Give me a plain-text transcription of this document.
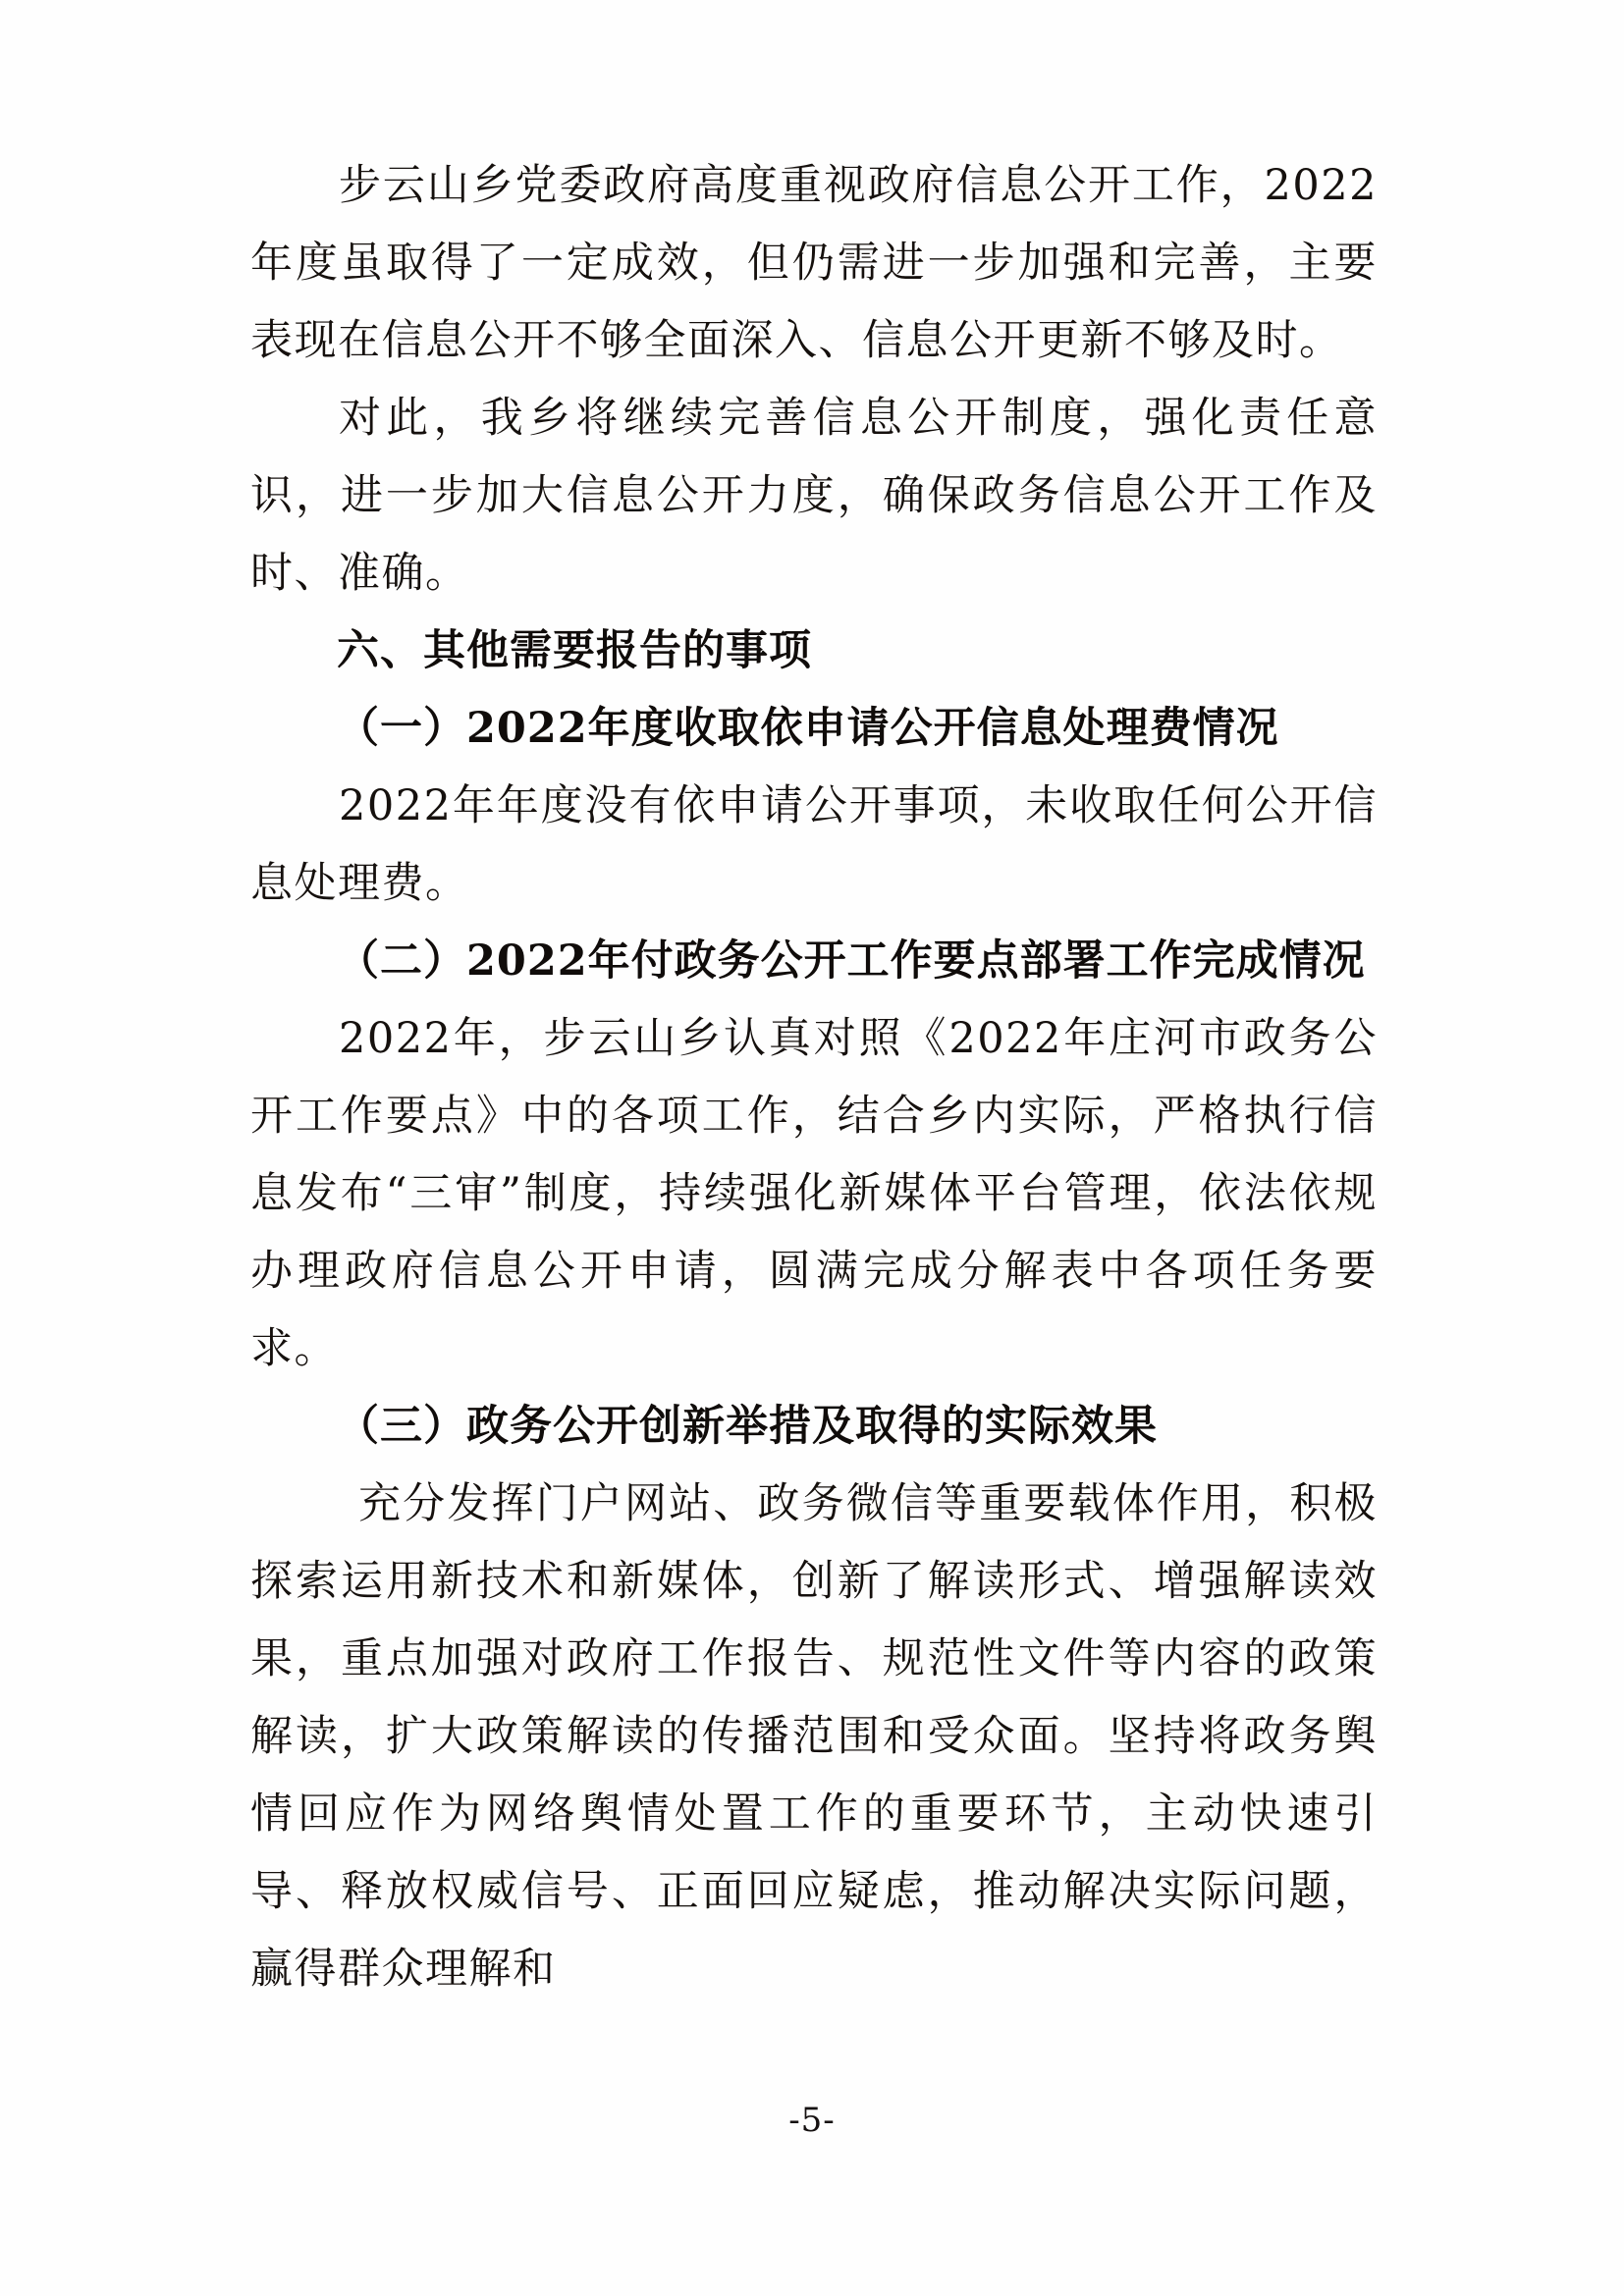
步云山乡党委政府高度重视政府信息公开工作，2022年度虽取得了一定成效，但仍需进一步加强和完善，主要表现在信息公开不够全面深入、信息公开更新不够及时。

对此，我乡将继续完善信息公开制度，强化责任意识，进一步加大信息公开力度，确保政务信息公开工作及时、准确。

六、其他需要报告的事项
（一）2022年度收取依申请公开信息处理费情况

2022年年度没有依申请公开事项，未收取任何公开信息处理费。

（二）2022年付政务公开工作要点部署工作完成情况

2022年，步云山乡认真对照《2022年庄河市政务公开工作要点》中的各项工作，结合乡内实际，严格执行信息发布“三审”制度，持续强化新媒体平台管理，依法依规办理政府信息公开申请，圆满完成分解表中各项任务要求。

（三）政务公开创新举措及取得的实际效果

充分发挥门户网站、政务微信等重要载体作用，积极探索运用新技术和新媒体，创新了解读形式、增强解读效果，重点加强对政府工作报告、规范性文件等内容的政策解读，扩大政策解读的传播范围和受众面。坚持将政务舆情回应作为网络舆情处置工作的重要环节，主动快速引导、释放权威信号、正面回应疑虑，推动解决实际问题，赢得群众理解和

-5-
